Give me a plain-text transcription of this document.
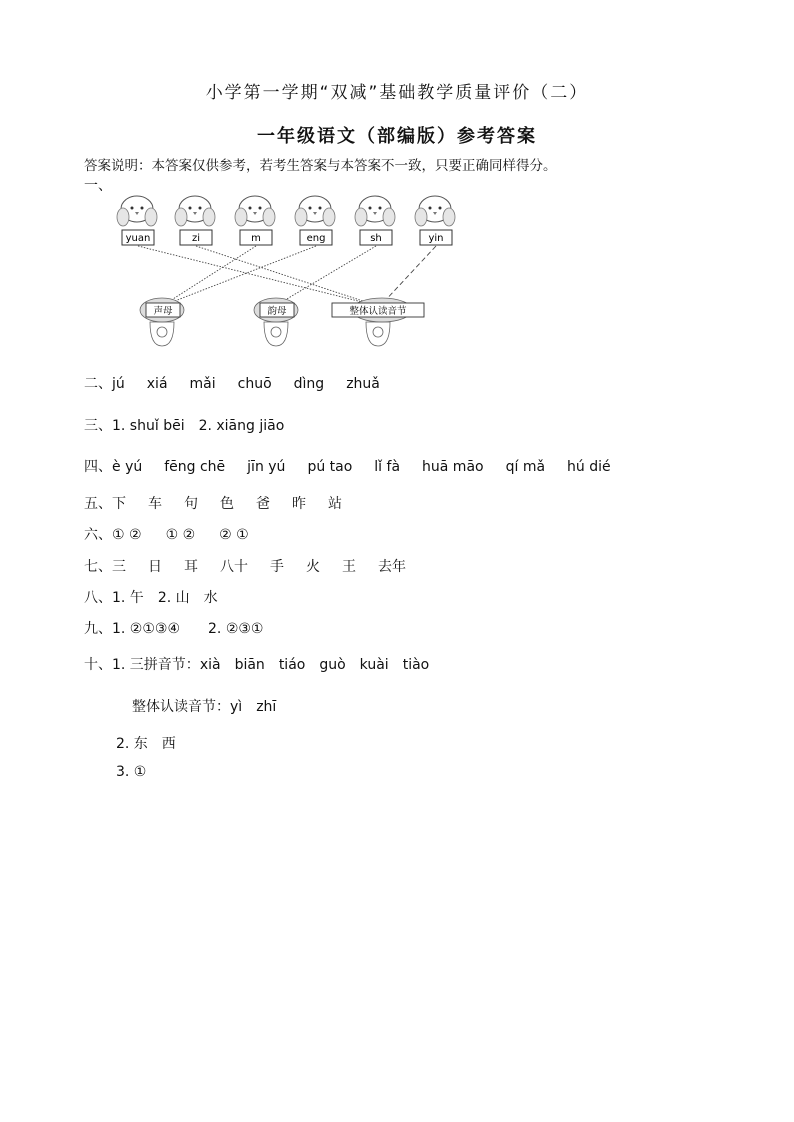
小学第一学期“双减”基础教学质量评价（二）
一年级语文（部编版）参考答案
答案说明：本答案仅供参考，若考生答案与本答案不一致，只要正确同样得分。
一、
yuan	zi	m	eng	sh	yin
声母	韵母	整体认读音节
二、jú xiá mǎi chuō dìng zhuǎ
三、1. shuǐ bēi 2. xiāng jiāo
四、è yú fēng chē jīn yú pú tao lǐ fà huā māo qí mǎ hú dié
五、下 车 句 色 爸 昨 站
六、① ② ① ② ② ①
七、三 日 耳 八十 手 火 王 去年
八、1. 午 2. 山 水
九、1. ②①③④ 2. ②③①
十、1. 三拼音节：xià biān tiáo guò kuài tiào
整体认读音节：yì zhī
2. 东　西
3. ①
